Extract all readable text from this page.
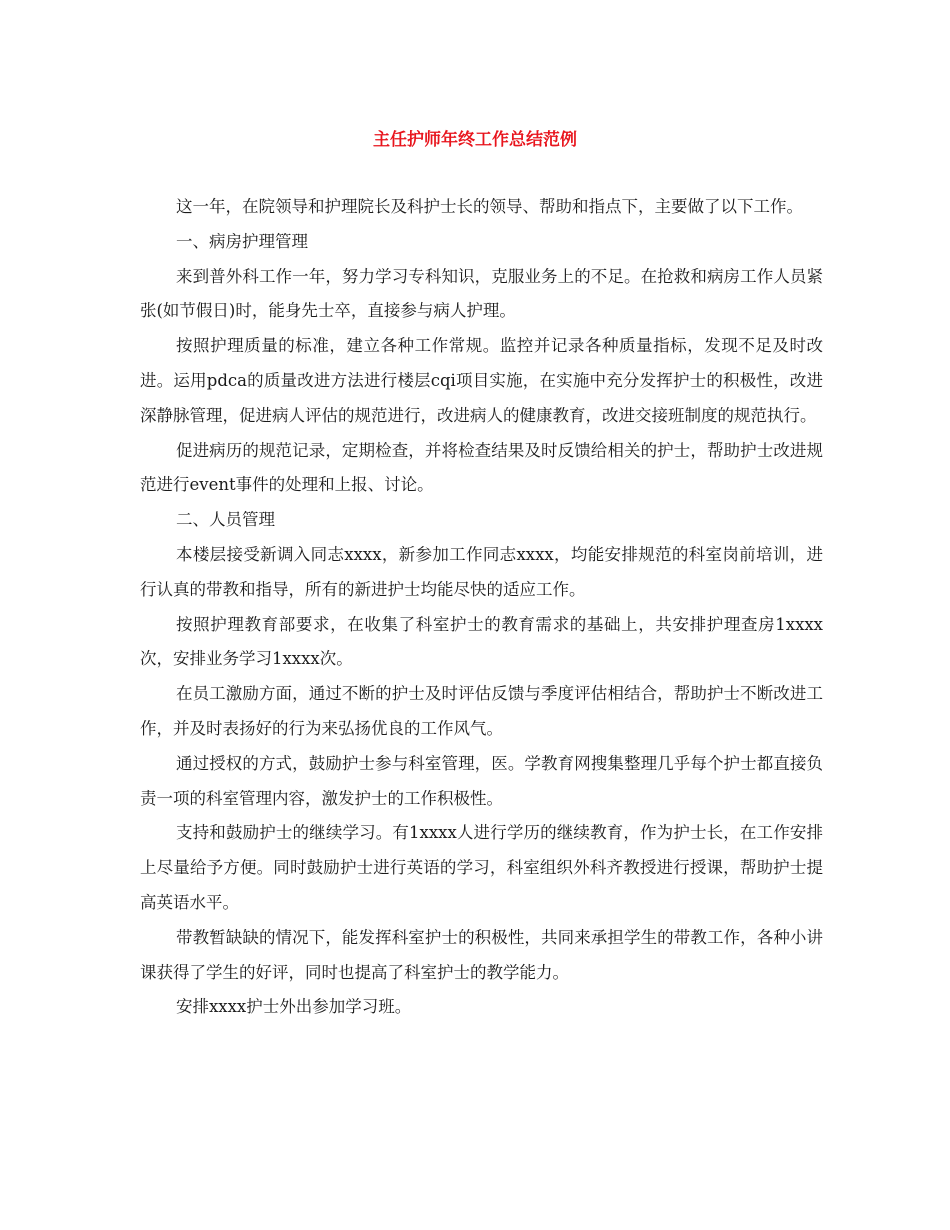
主任护师年终工作总结范例

这一年，在院领导和护理院长及科护士长的领导、帮助和指点下，主要做了以下工作。

一、病房护理管理

来到普外科工作一年，努力学习专科知识，克服业务上的不足。在抢救和病房工作人员紧张(如节假日)时，能身先士卒，直接参与病人护理。

按照护理质量的标准，建立各种工作常规。监控并记录各种质量指标，发现不足及时改进。运用pdca的质量改进方法进行楼层cqi项目实施，在实施中充分发挥护士的积极性，改进深静脉管理，促进病人评估的规范进行，改进病人的健康教育，改进交接班制度的规范执行。

促进病历的规范记录，定期检查，并将检查结果及时反馈给相关的护士，帮助护士改进规范进行event事件的处理和上报、讨论。

二、人员管理

本楼层接受新调入同志xxxx，新参加工作同志xxxx，均能安排规范的科室岗前培训，进行认真的带教和指导，所有的新进护士均能尽快的适应工作。

按照护理教育部要求，在收集了科室护士的教育需求的基础上，共安排护理查房1xxxx次，安排业务学习1xxxx次。

在员工激励方面，通过不断的护士及时评估反馈与季度评估相结合，帮助护士不断改进工作，并及时表扬好的行为来弘扬优良的工作风气。

通过授权的方式，鼓励护士参与科室管理，医。学教育网搜集整理几乎每个护士都直接负责一项的科室管理内容，激发护士的工作积极性。

支持和鼓励护士的继续学习。有1xxxx人进行学历的继续教育，作为护士长，在工作安排上尽量给予方便。同时鼓励护士进行英语的学习，科室组织外科齐教授进行授课，帮助护士提高英语水平。

带教暂缺缺的情况下，能发挥科室护士的积极性，共同来承担学生的带教工作，各种小讲课获得了学生的好评，同时也提高了科室护士的教学能力。

安排xxxx护士外出参加学习班。
